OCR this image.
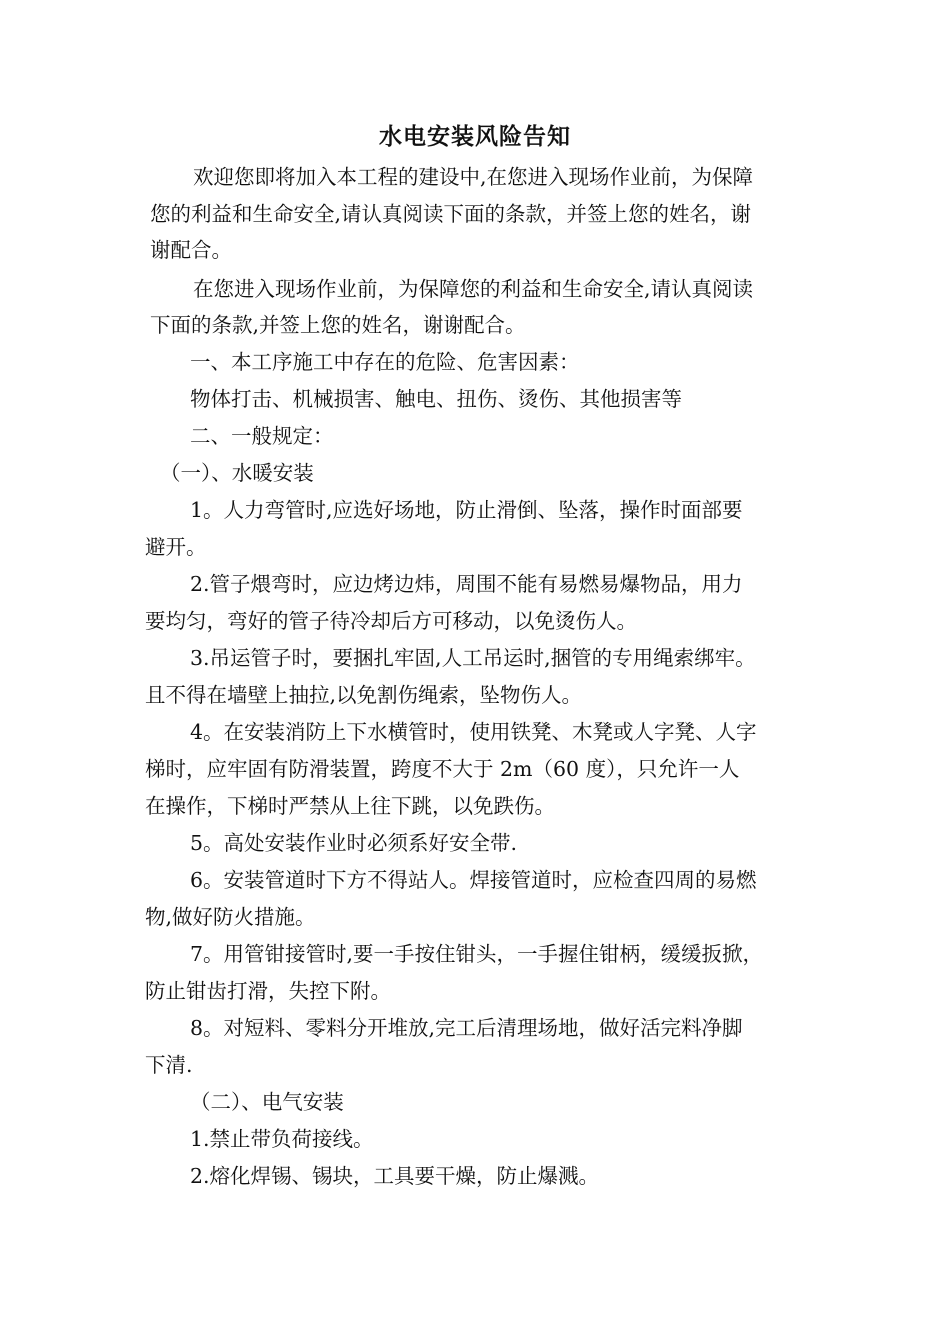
水电安装风险告知
欢迎您即将加入本工程的建设中,在您进入现场作业前，为保障
您的利益和生命安全,请认真阅读下面的条款，并签上您的姓名，谢
谢配合。
在您进入现场作业前，为保障您的利益和生命安全,请认真阅读
下面的条款,并签上您的姓名，谢谢配合。
一、本工序施工中存在的危险、危害因素：
物体打击、机械损害、触电、扭伤、烫伤、其他损害等
二、一般规定：
（一）、水暖安装
1。人力弯管时,应选好场地，防止滑倒、坠落，操作时面部要
避开。
2.管子煨弯时，应边烤边炜，周围不能有易燃易爆物品，用力
要均匀，弯好的管子待冷却后方可移动，以免烫伤人。
3.吊运管子时，要捆扎牢固,人工吊运时,捆管的专用绳索绑牢。
且不得在墙壁上抽拉,以免割伤绳索，坠物伤人。
4。在安装消防上下水横管时，使用铁凳、木凳或人字凳、人字
梯时，应牢固有防滑装置，跨度不大于 2m（60 度），只允许一人
在操作，下梯时严禁从上往下跳，以免跌伤。
5。高处安装作业时必须系好安全带.
6。安装管道时下方不得站人。焊接管道时，应检查四周的易燃
物,做好防火措施。
7。用管钳接管时,要一手按住钳头，一手握住钳柄，缓缓扳掀，
防止钳齿打滑，失控下附。
8。对短料、零料分开堆放,完工后清理场地，做好活完料净脚
下清.
（二）、电气安装
1.禁止带负荷接线。
2.熔化焊锡、锡块，工具要干燥，防止爆溅。
